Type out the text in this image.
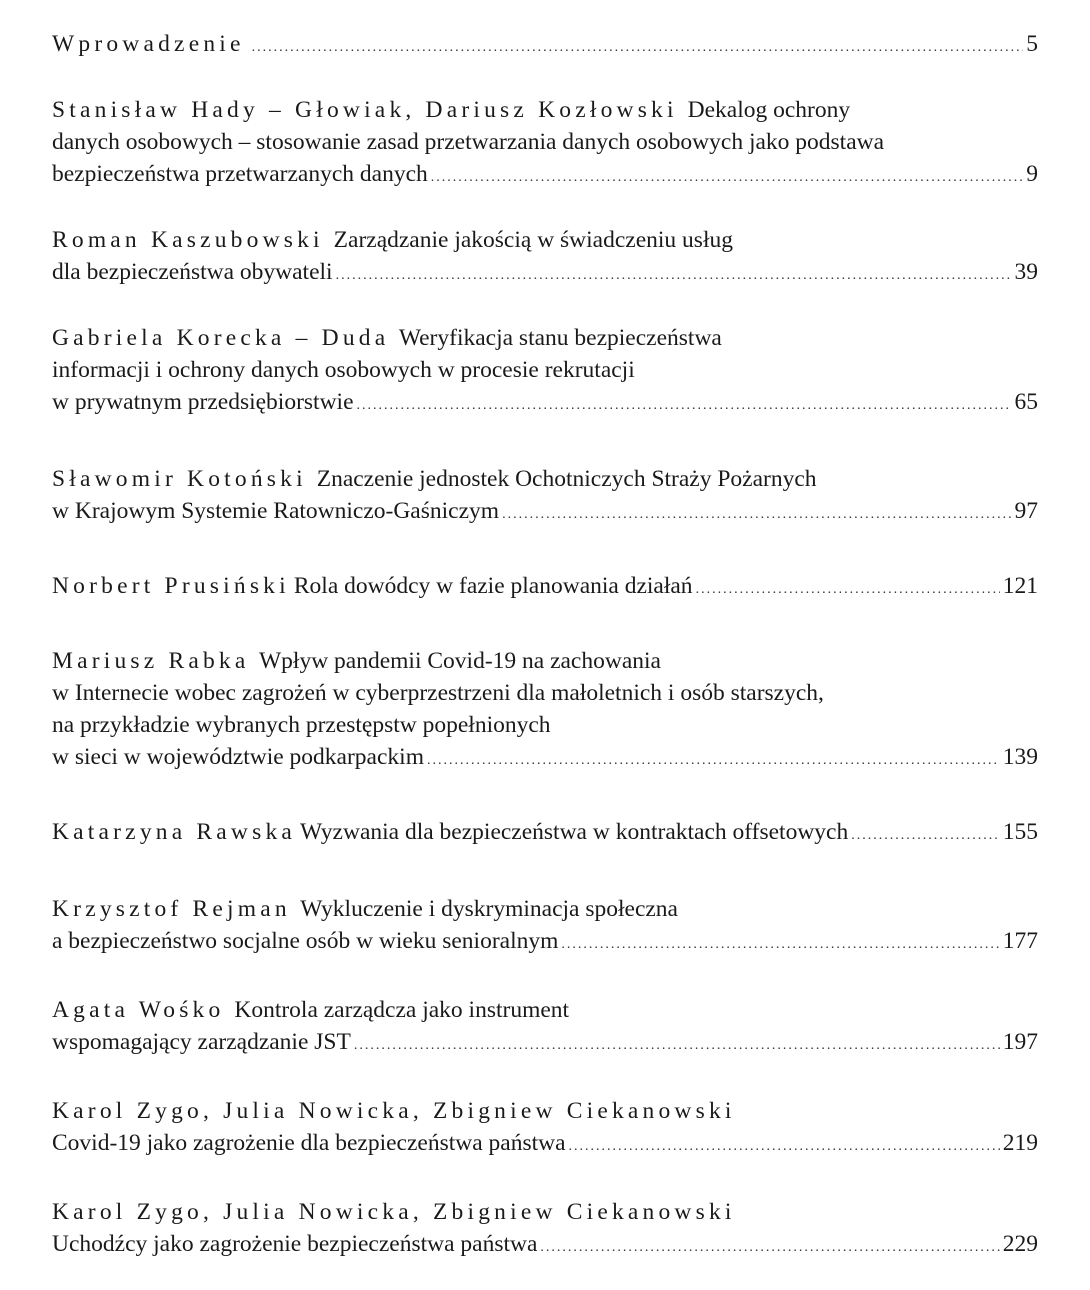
Wprowadzenie .....	5
Stanisław Hady – Głowiak, Dariusz Kozłowski Dekalog ochrony
danych osobowych – stosowanie zasad przetwarzania danych osobowych jako podstawa
bezpieczeństwa przetwarzanych danych .....	9
Roman Kaszubowski Zarządzanie jakością w świadczeniu usług
dla bezpieczeństwa obywateli .....	39
Gabriela Korecka – Duda Weryfikacja stanu bezpieczeństwa
informacji i ochrony danych osobowych w procesie rekrutacji
w prywatnym przedsiębiorstwie .....	65
Sławomir Kotoński Znaczenie jednostek Ochotniczych Straży Pożarnych
w Krajowym Systemie Ratowniczo-Gaśniczym .....	97
Norbert Prusiński Rola dowódcy w fazie planowania działań .....	121
Mariusz Rabka Wpływ pandemii Covid-19 na zachowania
w Internecie wobec zagrożeń w cyberprzestrzeni dla małoletnich i osób starszych,
na przykładzie wybranych przestępstw popełnionych
w sieci w województwie podkarpackim .....	139
Katarzyna Rawska Wyzwania dla bezpieczeństwa w kontraktach offsetowych .....	155
Krzysztof Rejman Wykluczenie i dyskryminacja społeczna
a bezpieczeństwo socjalne osób w wieku senioralnym .....	177
Agata Wośko Kontrola zarządcza jako instrument
wspomagający zarządzanie JST .....	197
Karol Zygo, Julia Nowicka, Zbigniew Ciekanowski
Covid-19 jako zagrożenie dla bezpieczeństwa państwa .....	219
Karol Zygo, Julia Nowicka, Zbigniew Ciekanowski
Uchodźcy jako zagrożenie bezpieczeństwa państwa .....	229
